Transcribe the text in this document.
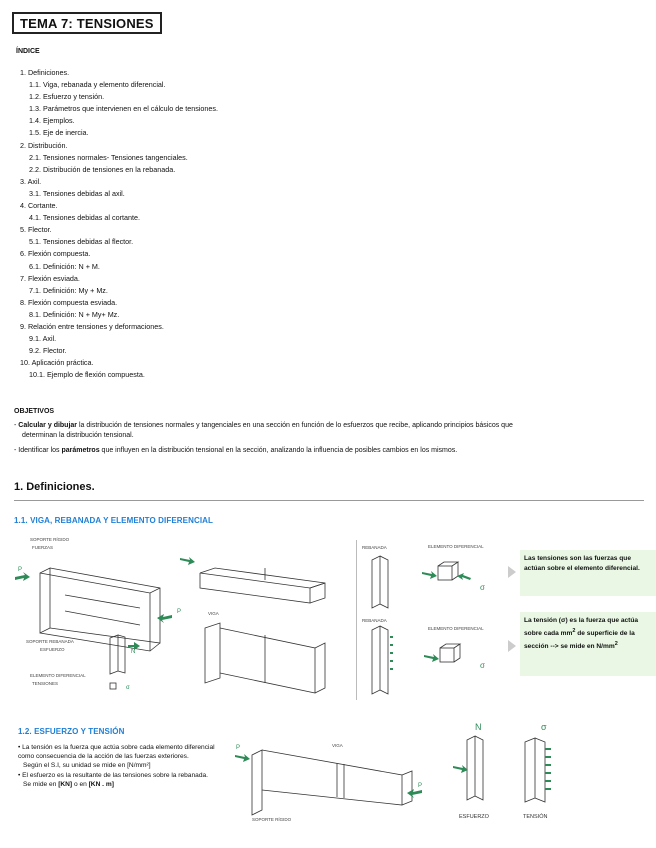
TEMA 7: TENSIONES
ÍNDICE
1. Definiciones.
1.1. Viga, rebanada y elemento diferencial.
1.2. Esfuerzo y tensión.
1.3. Parámetros que intervienen en el cálculo de tensiones.
1.4. Ejemplos.
1.5. Eje de inercia.
2. Distribución.
2.1. Tensiones normales- Tensiones tangenciales.
2.2. Distribución de tensiones en la rebanada.
3. Axil.
3.1. Tensiones debidas al axil.
4. Cortante.
4.1. Tensiones debidas al cortante.
5. Flector.
5.1. Tensiones debidas al flector.
6. Flexión compuesta.
6.1. Definición: N + M.
7. Flexión esviada.
7.1. Definición: My + Mz.
8. Flexión compuesta esviada.
8.1. Definición: N + My+ Mz.
9. Relación entre tensiones y deformaciones.
9.1. Axil.
9.2. Flector.
10. Aplicación práctica.
10.1. Ejemplo de flexión compuesta.
OBJETIVOS
- Calcular y dibujar la distribución de tensiones normales y tangenciales en una sección en función de lo esfuerzos que recibe, aplicando principios básicos que
determinan la distribución tensional.
- Identificar los parámetros que influyen en la distribución tensional en la sección, analizando la influencia de posibles cambios en los mismos.
1. Definiciones.
1.1. VIGA, REBANADA Y ELEMENTO DIFERENCIAL
P
P
N
σ
SOPORTE RÍGIDO
FUERZAS
SOPORTE REBANADA
ESFUERZO
ELEMENTO DIFERENCIAL
TENSIONES
VIGA
σ
σ
REBANADA	ELEMENTO DIFERENCIAL
REBANADA
ELEMENTO DIFERENCIAL
Las tensiones son las fuerzas que actúan sobre el elemento diferencial.
La tensión (σ) es la fuerza que actúa sobre cada $mm^2$ de superficie de la sección --> se mide en $N/mm^2$
1.2. ESFUERZO Y TENSIÓN
• La tensión es la fuerza que actúa sobre cada elemento diferencial como consecuencia de la acción de las fuerzas exteriores.
Según el S.I, su unidad se mide en [N/mm²]
• El esfuerzo es la resultante de las tensiones sobre la rebanada.
Se mide en [KN] o en [KN . m]
P
P
VIGA
SOPORTE RÍGIDO
N	σ
ESFUERZO	TENSIÓN
